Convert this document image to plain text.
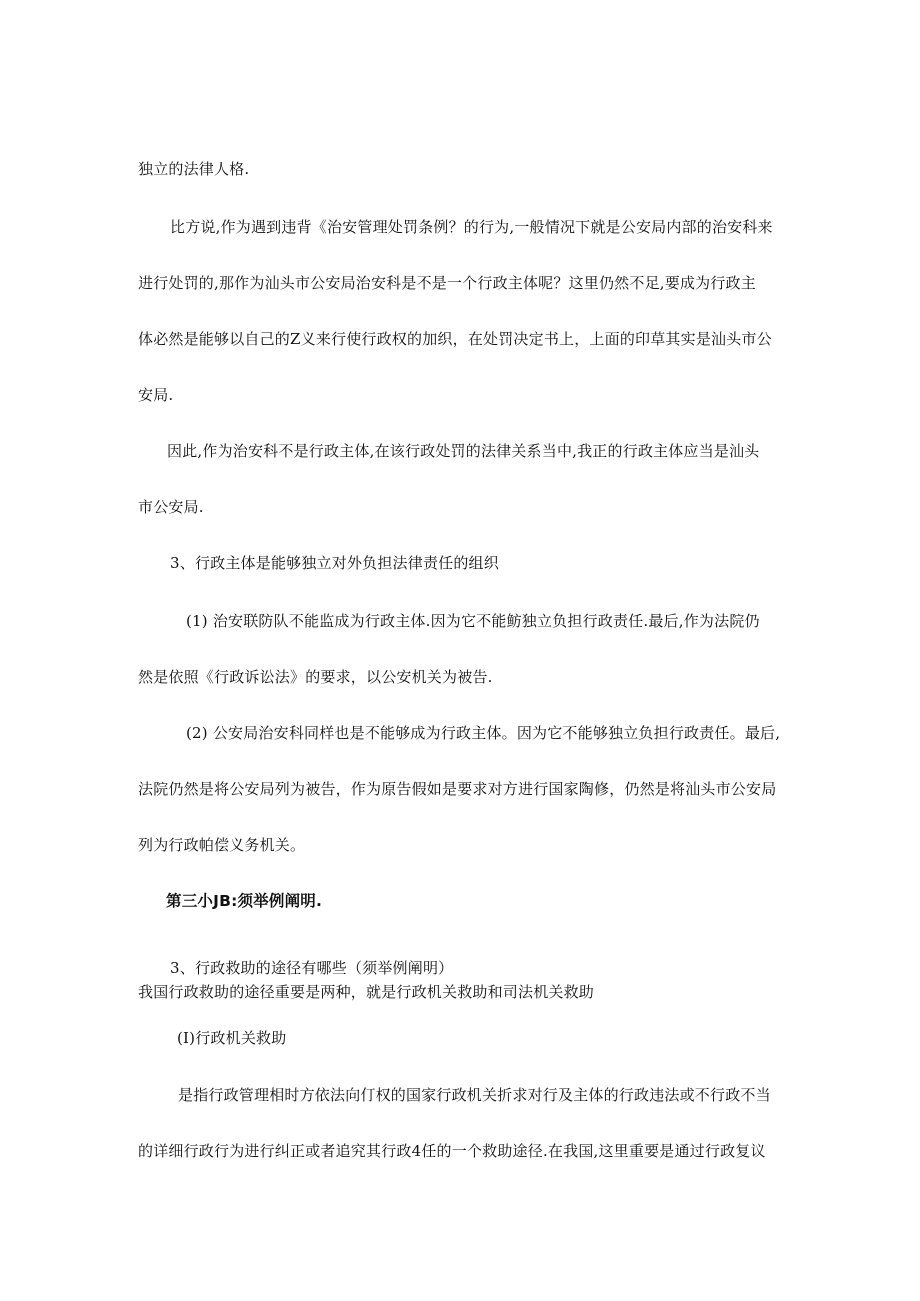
独立的法律人格.
比方说,作为遇到违背《治安管理处罚条例？的行为,一般情况下就是公安局内部的治安科来
进行处罚的,那作为汕头市公安局治安科是不是一个行政主体呢？这里仍然不足,要成为行政主
体必然是能够以自己的Z义来行使行政权的加织，在处罚决定书上，上面的印草其实是汕头市公
安局.
因此,作为治安科不是行政主体,在该行政处罚的法律关系当中,我正的行政主体应当是汕头
市公安局.
3、行政主体是能够独立对外负担法律责任的组织
(1) 治安联防队不能监成为行政主体.因为它不能鲂独立负担行政责任.最后,作为法院仍
然是依照《行政诉讼法》的要求，以公安机关为被告.
(2) 公安局治安科同样也是不能够成为行政主体。因为它不能够独立负担行政责任。最后,
法院仍然是将公安局列为被告，作为原告假如是要求对方进行国家陶修，仍然是将汕头市公安局
列为行政帕偿义务机关。
第三小JB:须举例阐明.
3、行政救助的途径有哪些（须举例阐明）
我国行政救助的途径重要是两种，就是行政机关救助和司法机关救助
(I)行政机关救助
是指行政管理相时方依法向仃权的国家行政机关折求对行及主体的行政违法或不行政不当
的详细行政行为进行纠正或者追究其行政4任的一个救助途径.在我国,这里重要是通过行政复议
